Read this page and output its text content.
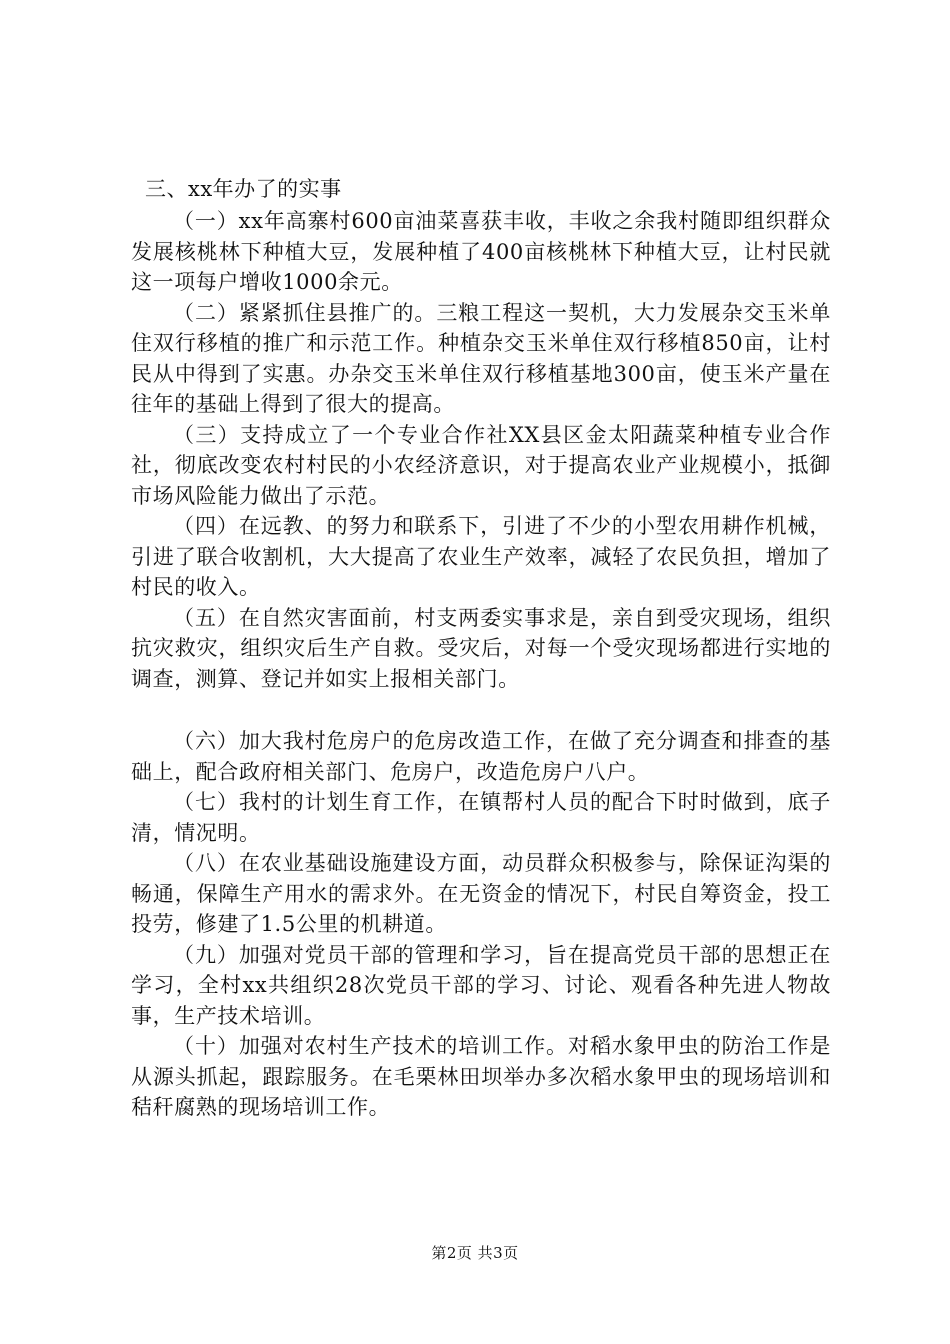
三、xx年办了的实事

（一）xx年高寨村600亩油菜喜获丰收，丰收之余我村随即组织群众发展核桃林下种植大豆，发展种植了400亩核桃林下种植大豆，让村民就这一项每户增收1000余元。

（二）紧紧抓住县推广的。三粮工程这一契机，大力发展杂交玉米单住双行移植的推广和示范工作。种植杂交玉米单住双行移植850亩，让村民从中得到了实惠。办杂交玉米单住双行移植基地300亩，使玉米产量在往年的基础上得到了很大的提高。

（三）支持成立了一个专业合作社XX县区金太阳蔬菜种植专业合作社，彻底改变农村村民的小农经济意识，对于提高农业产业规模小，抵御市场风险能力做出了示范。

（四）在远教、的努力和联系下，引进了不少的小型农用耕作机械，引进了联合收割机，大大提高了农业生产效率，减轻了农民负担，增加了村民的收入。

（五）在自然灾害面前，村支两委实事求是，亲自到受灾现场，组织抗灾救灾，组织灾后生产自救。受灾后，对每一个受灾现场都进行实地的调查，测算、登记并如实上报相关部门。

（六）加大我村危房户的危房改造工作，在做了充分调查和排查的基础上，配合政府相关部门、危房户，改造危房户八户。

（七）我村的计划生育工作，在镇帮村人员的配合下时时做到，底子清，情况明。

（八）在农业基础设施建设方面，动员群众积极参与，除保证沟渠的畅通，保障生产用水的需求外。在无资金的情况下，村民自筹资金，投工投劳，修建了1.5公里的机耕道。

（九）加强对党员干部的管理和学习，旨在提高党员干部的思想正在学习，全村xx共组织28次党员干部的学习、讨论、观看各种先进人物故事，生产技术培训。

（十）加强对农村生产技术的培训工作。对稻水象甲虫的防治工作是从源头抓起，跟踪服务。在毛栗林田坝举办多次稻水象甲虫的现场培训和秸秆腐熟的现场培训工作。

第2页 共3页
